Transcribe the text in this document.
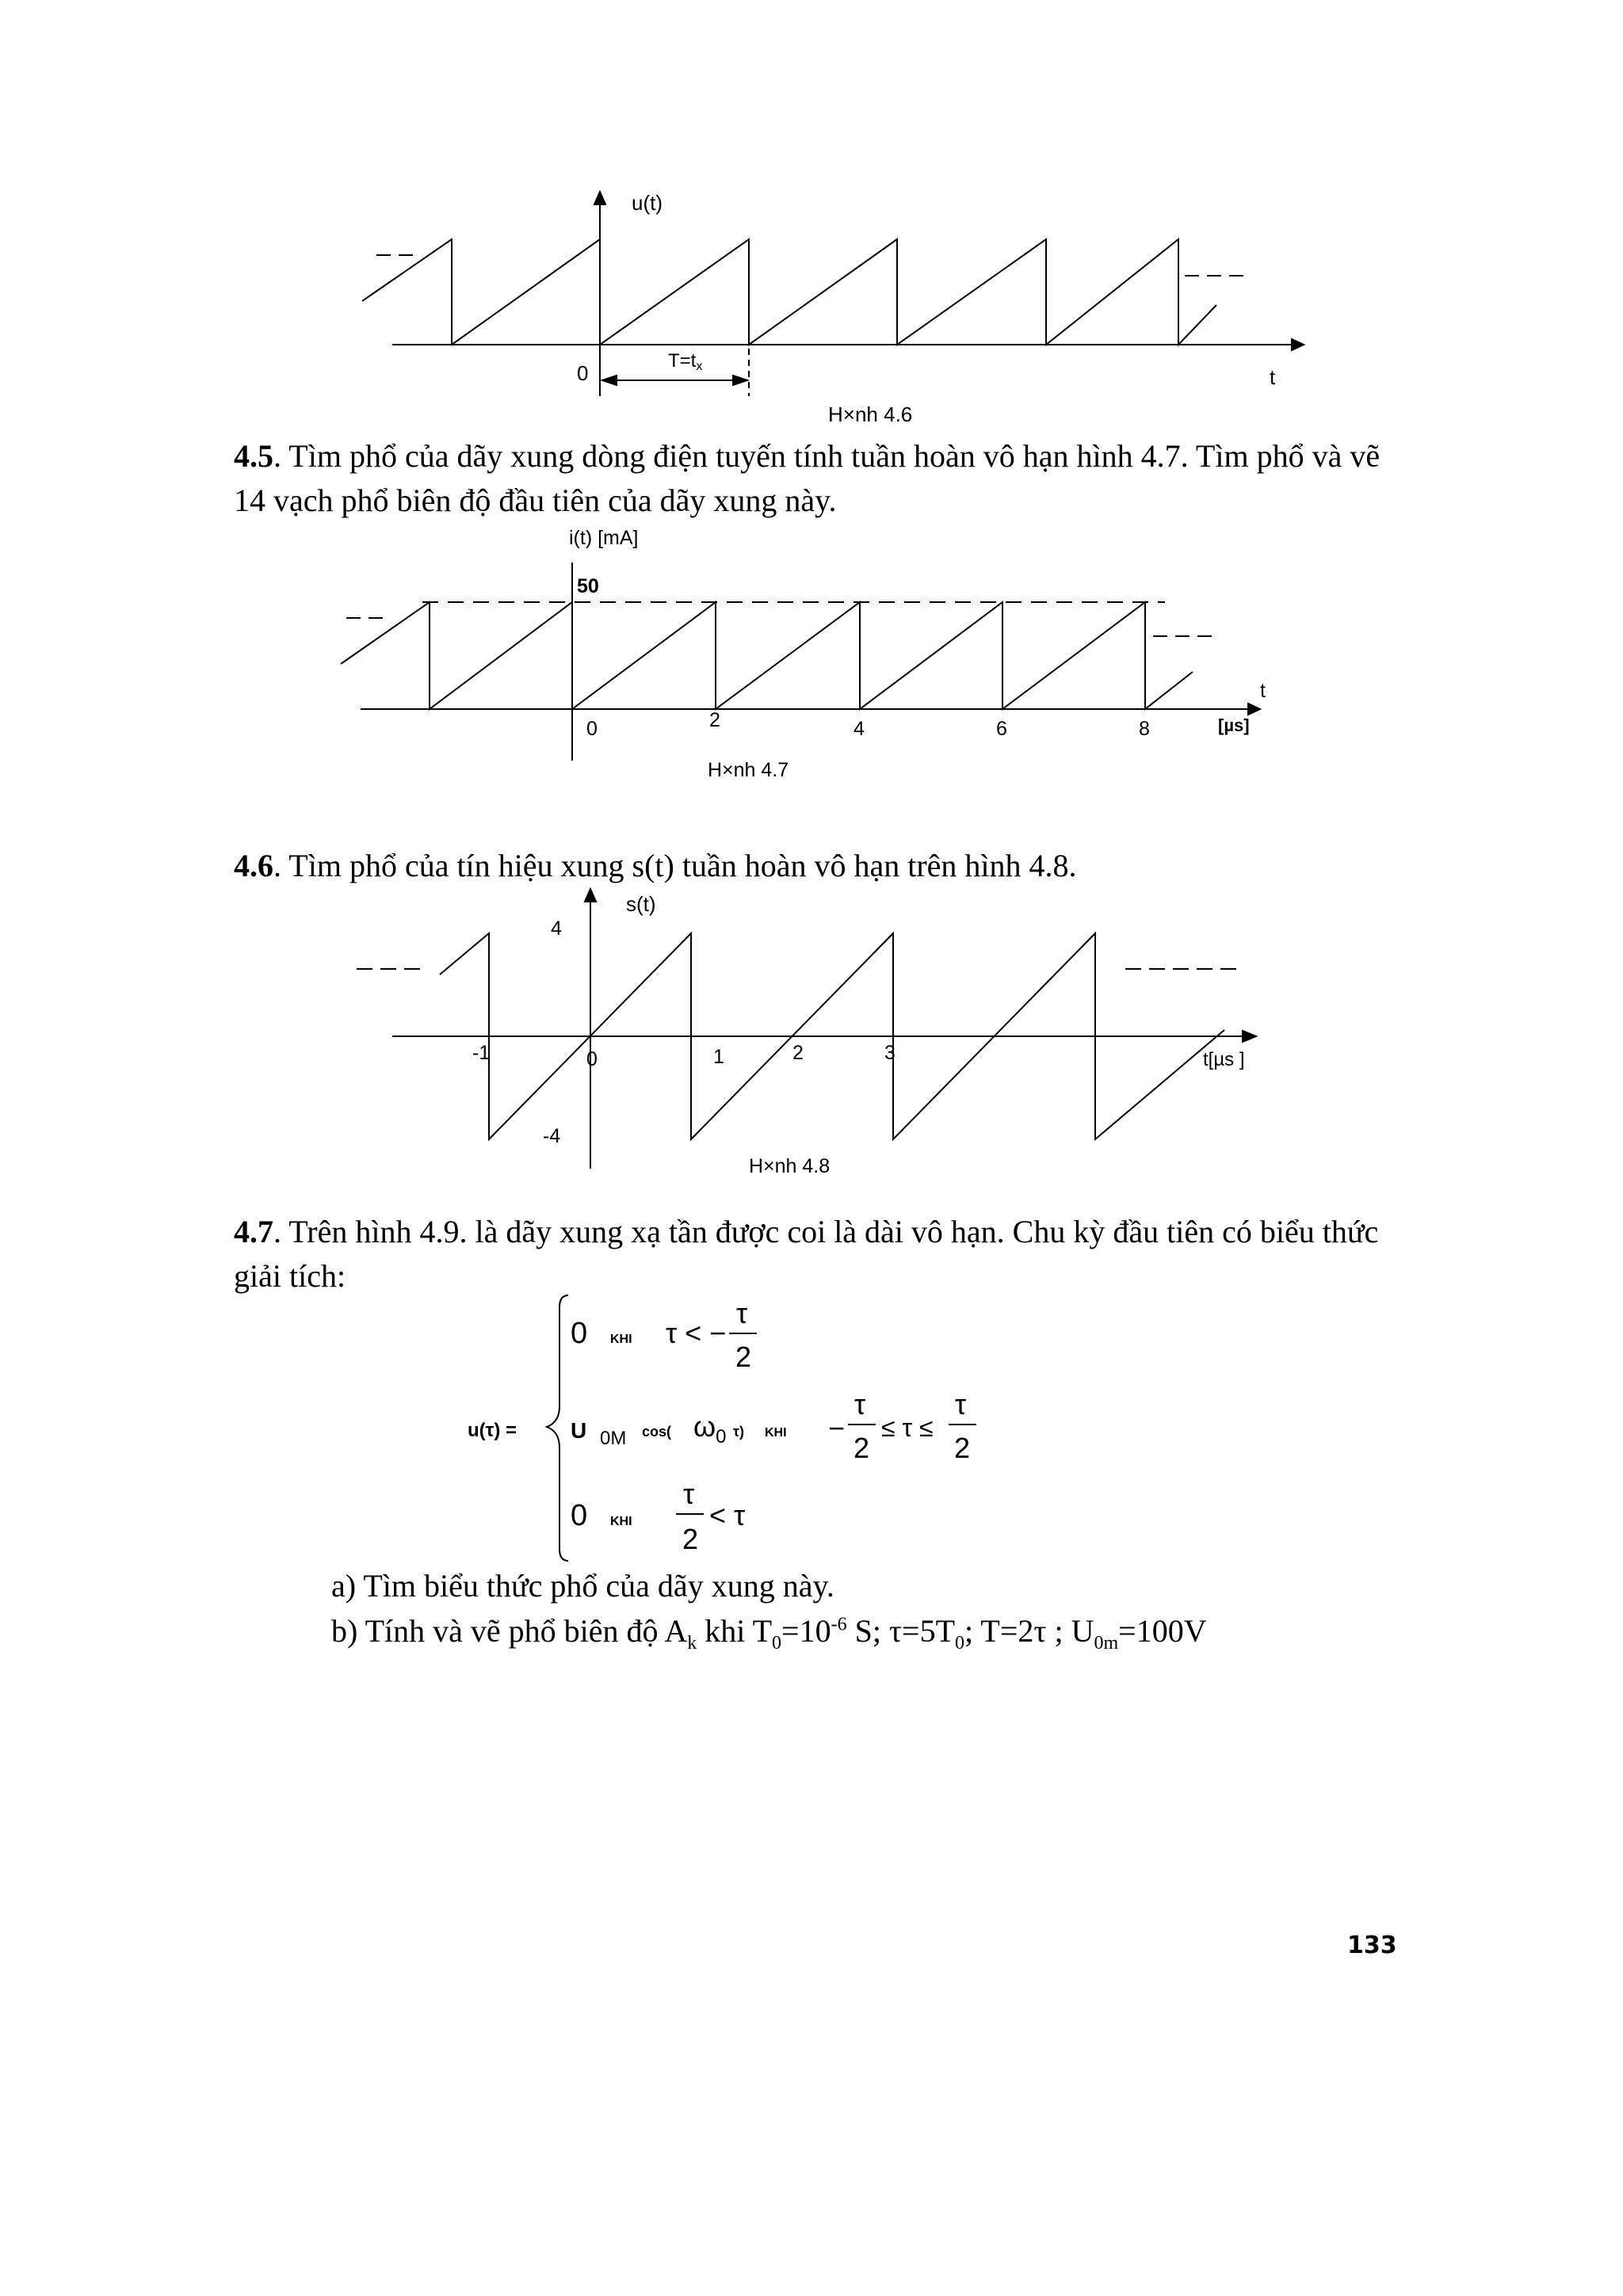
u(t)
t
0
T=tx
H×nh 4.6
4.5. Tìm phổ của dãy xung dòng điện tuyến tính tuần hoàn vô hạn hình 4.7. Tìm phổ và vẽ 14 vạch phổ biên độ đầu tiên của dãy xung này.
i(t) [mA]
50
t
[µs]
0	2	4	6	8
H×nh 4.7
4.6. Tìm phổ của tín hiệu xung s(t) tuần hoàn vô hạn trên hình 4.8.
s(t)
4
-4
t[µs ]
-1	0	1	2	3
H×nh 4.8
4.7. Trên hình 4.9. là dãy xung xạ tần được coi là dài vô hạn. Chu kỳ đầu tiên có biểu thức giải tích:
u(τ) =
0 KHI τ < −
τ
2
U 0M cos( $\omega_0$ τ) KHI −
τ
2
≤ τ ≤
τ
2
0 KHI
τ
2
< τ
a) Tìm biểu thức phổ của dãy xung này.
b) Tính và vẽ phổ biên độ $A_k$ khi $T_0=10^{-6}$ S; $\tau=5T_0$; T=2τ ; $U_{0m}=100V$
133
